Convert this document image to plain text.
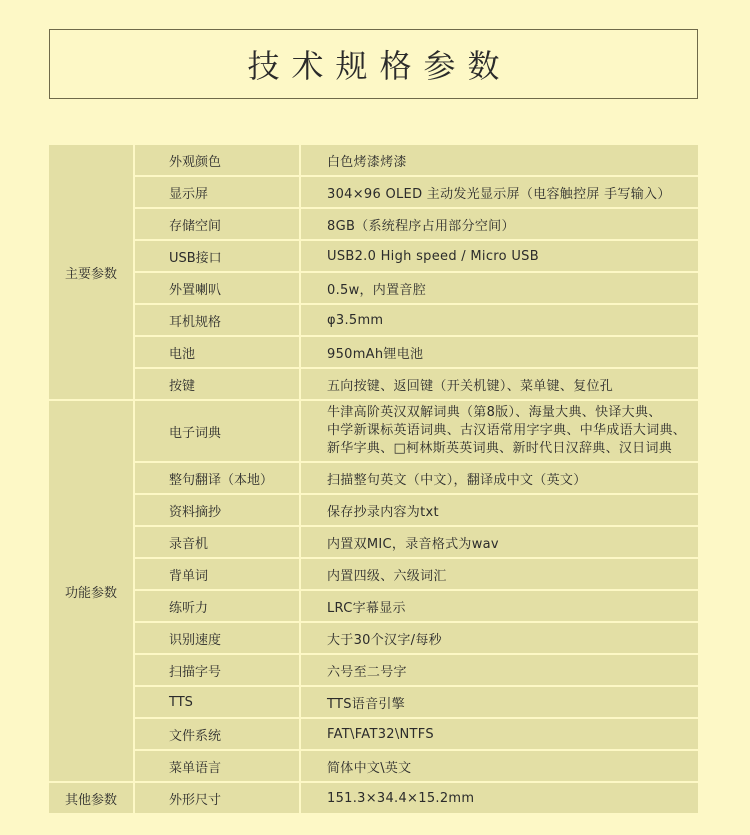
技术规格参数
主要参数	外观颜色	白色烤漆烤漆
	显示屏	304×96 OLED 主动发光显示屏（电容触控屏 手写输入）
	存储空间	8GB（系统程序占用部分空间）
	USB接口	USB2.0 High speed / Micro USB
	外置喇叭	0.5w，内置音腔
	耳机规格	φ3.5mm
	电池	950mAh锂电池
	按键	五向按键、返回键（开关机键）、菜单键、复位孔
功能参数	电子词典	牛津高阶英汉双解词典（第8版）、海量大典、快译大典、
中学新课标英语词典、古汉语常用字字典、中华成语大词典、
新华字典、□柯林斯英英词典、新时代日汉辞典、汉日词典
	整句翻译（本地）	扫描整句英文（中文），翻译成中文（英文）
	资料摘抄	保存抄录内容为txt
	录音机	内置双MIC，录音格式为wav
	背单词	内置四级、六级词汇
	练听力	LRC字幕显示
	识别速度	大于30个汉字/每秒
	扫描字号	六号至二号字
	TTS	TTS语音引擎
	文件系统	FAT\FAT32\NTFS
	菜单语言	简体中文\英文
其他参数	外形尺寸	151.3×34.4×15.2mm
